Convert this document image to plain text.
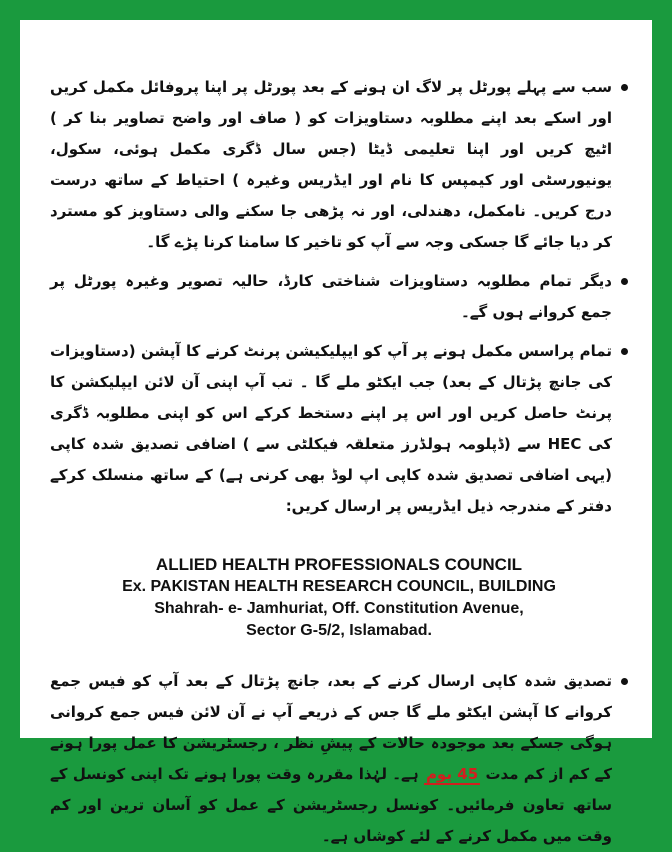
سب سے پہلے پورٹل پر لاگ ان ہونے کے بعد پورٹل پر اپنا پروفائل مکمل کریں اور اسکے بعد اپنے مطلوبہ دستاویزات کو ( صاف اور واضح تصاویر بنا کر ) اٹیچ کریں اور اپنا تعلیمی ڈیٹا (جس سال ڈگری مکمل ہوئی، سکول، یونیورسٹی اور کیمپس کا نام اور ایڈریس وغیرہ ) احتیاط کے ساتھ درست درج کریں۔ نامکمل، دھندلی، اور نہ پڑھی جا سکنے والی دستاویز کو مسترد کر دیا جائے گا جسکی وجہ سے آپ کو تاخیر کا سامنا کرنا پڑے گا۔
دیگر تمام مطلوبہ دستاویزات شناختی کارڈ، حالیہ تصویر وغیرہ پورٹل پر جمع کروانے ہوں گے۔
تمام پراسس مکمل ہونے پر آپ کو ایپلیکیشن پرنٹ کرنے کا آپشن (دستاویزات کی جانچ پڑتال کے بعد) جب ایکٹو ملے گا ۔ تب آپ اپنی آن لائن ایپلیکشن کا پرنٹ حاصل کریں اور اس پر اپنے دستخط کرکے اس کو اپنی مطلوبہ ڈگری کی HEC سے (ڈپلومہ ہولڈرز متعلقہ فیکلٹی سے ) اضافی تصدیق شدہ کاپی (یہی اضافی تصدیق شدہ کاپی اپ لوڈ بھی کرنی ہے) کے ساتھ منسلک کرکے دفتر کے مندرجہ ذیل ایڈریس پر ارسال کریں:
ALLIED HEALTH PROFESSIONALS COUNCIL
Ex. PAKISTAN HEALTH RESEARCH COUNCIL, BUILDING
Shahrah- e- Jamhuriat, Off. Constitution Avenue,
Sector G-5/2, Islamabad.
تصدیق شدہ کاپی ارسال کرنے کے بعد، جانچ پڑتال کے بعد آپ کو فیس جمع کروانے کا آپشن ایکٹو ملے گا جس کے ذریعے آپ نے آن لائن فیس جمع کروانی ہوگی جسکے بعد موجودہ حالات کے پیشِ نظر ، رجسٹریشن کا عمل پورا ہونے کے کم از کم مدت 45 یوم ہے۔ لہٰذا مقررہ وقت پورا ہونے تک اپنی کونسل کے ساتھ تعاون فرمائیں۔ کونسل رجسٹریشن کے عمل کو آسان ترین اور کم وقت میں مکمل کرنے کے لئے کوشاں ہے۔
